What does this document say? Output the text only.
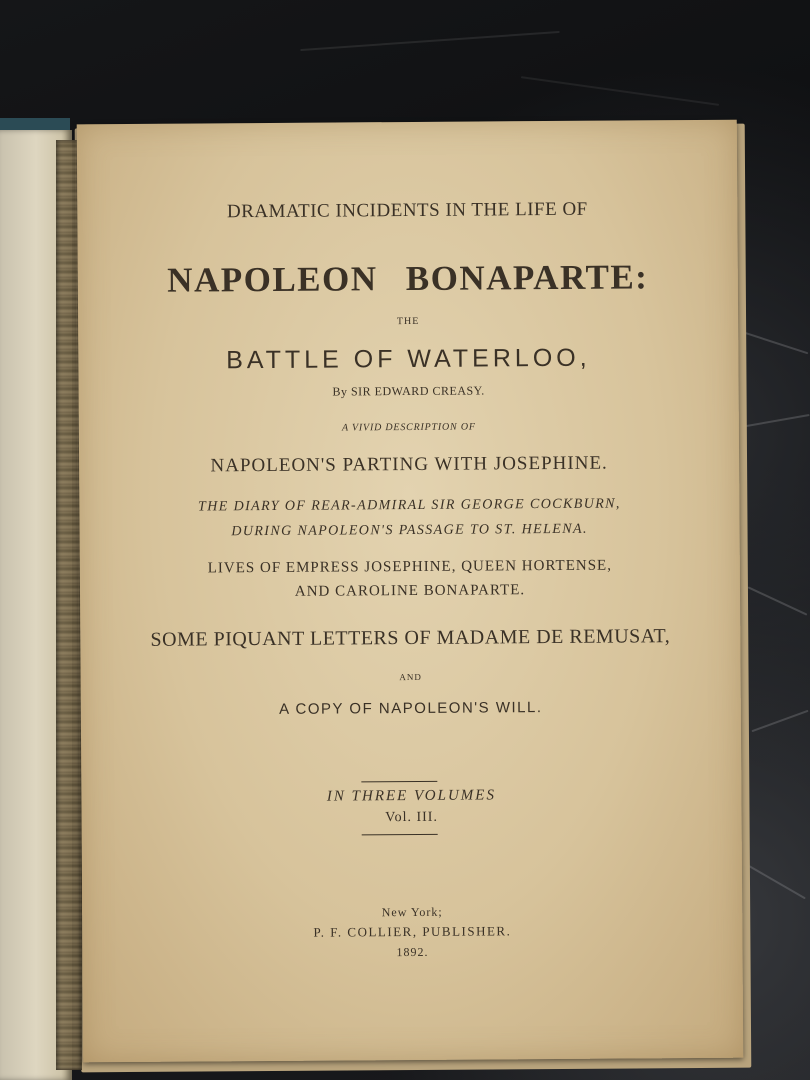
DRAMATIC INCIDENTS IN THE LIFE OF
NAPOLEON BONAPARTE:
THE
BATTLE OF WATERLOO,
By SIR EDWARD CREASY.
A VIVID DESCRIPTION OF
NAPOLEON'S PARTING WITH JOSEPHINE.
THE DIARY OF REAR-ADMIRAL SIR GEORGE COCKBURN,
DURING NAPOLEON'S PASSAGE TO ST. HELENA.
LIVES OF EMPRESS JOSEPHINE, QUEEN HORTENSE,
AND CAROLINE BONAPARTE.
SOME PIQUANT LETTERS OF MADAME DE REMUSAT,
AND
A COPY OF NAPOLEON'S WILL.
IN THREE VOLUMES
Vol. III.
New York;
P. F. COLLIER, PUBLISHER.
1892.
